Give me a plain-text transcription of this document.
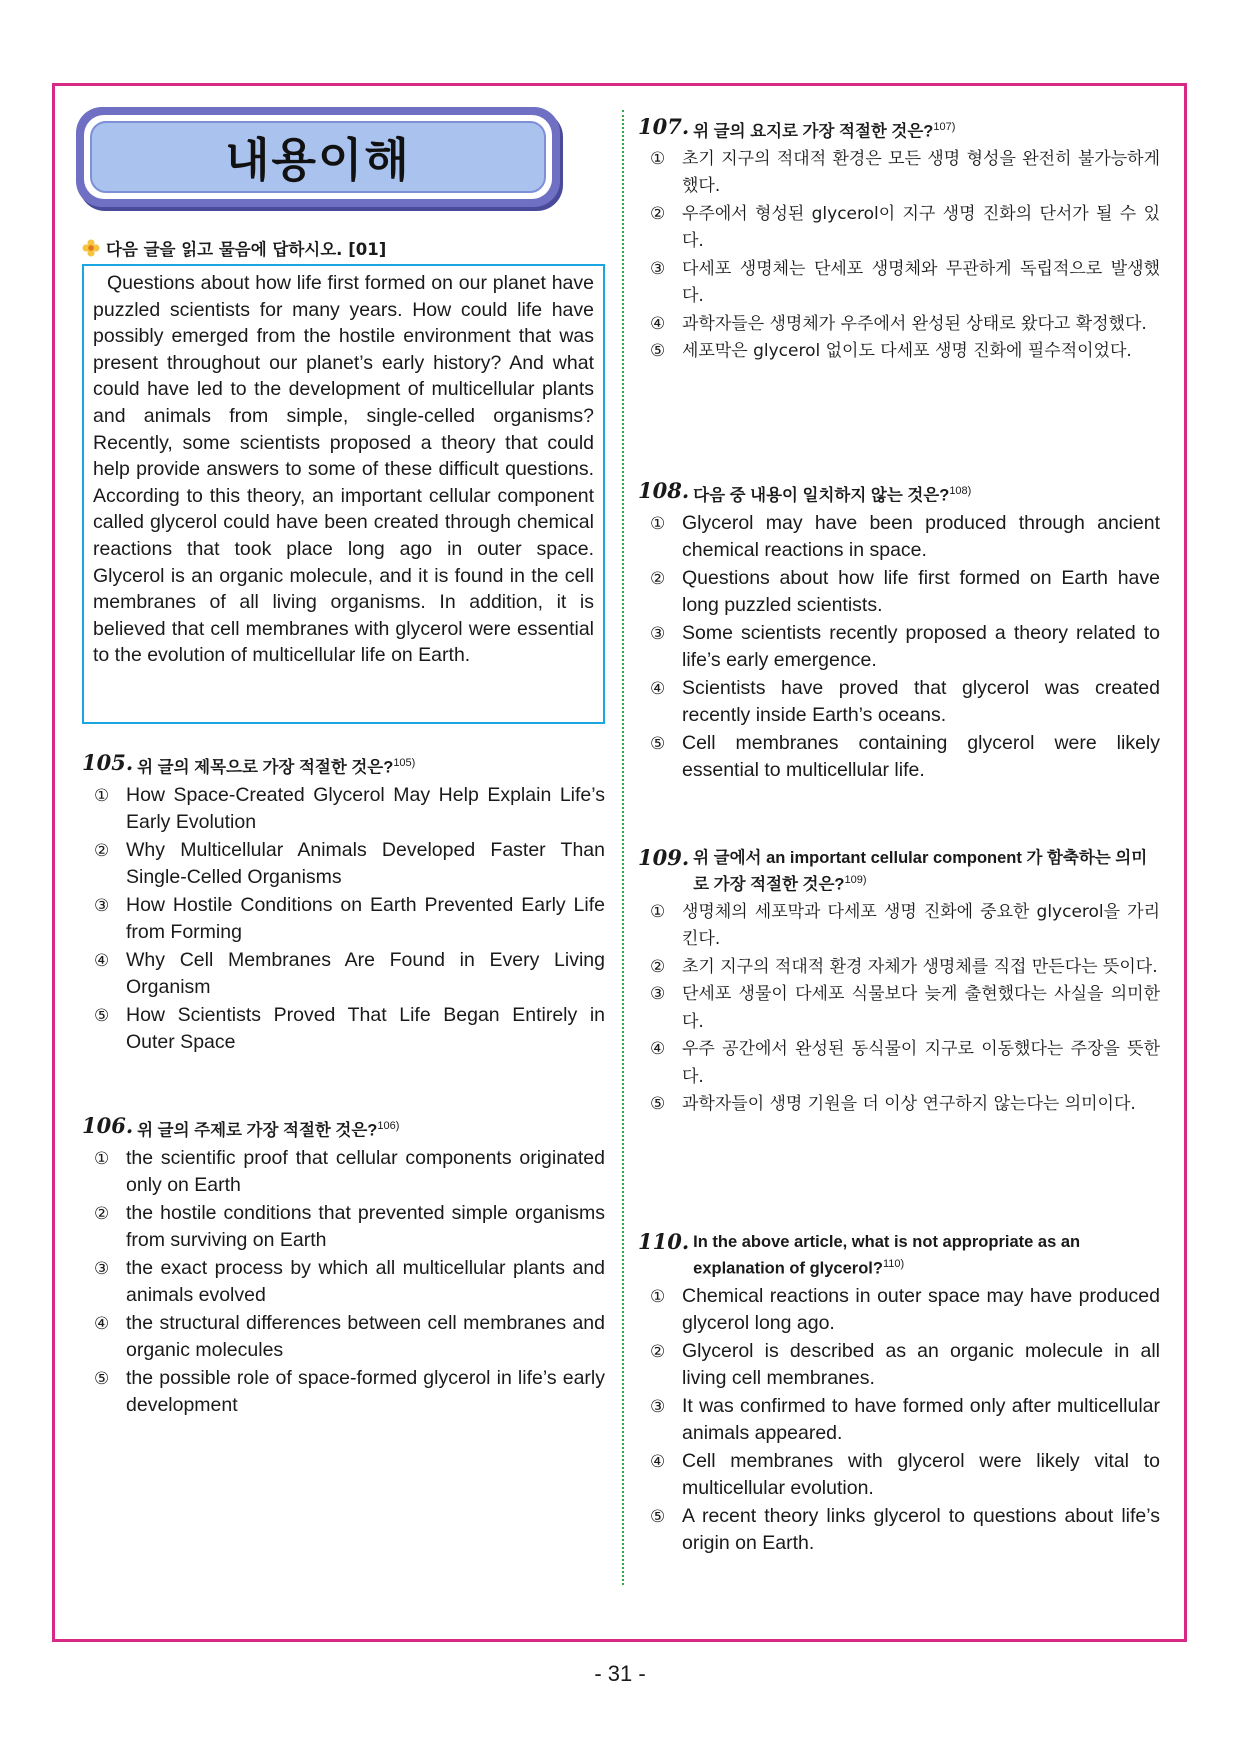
내용이해
다음 글을 읽고 물음에 답하시오. [01]

Questions about how life first formed on our planet have puzzled scientists for many years. How could life have possibly emerged from the hostile environment that was present throughout our planet’s early history? And what could have led to the development of multicellular plants and animals from simple, single-celled organisms? Recently, some scientists proposed a theory that could help provide answers to some of these difficult questions. According to this theory, an important cellular component called glycerol could have been created through chemical reactions that took place long ago in outer space. Glycerol is an organic molecule, and it is found in the cell membranes of all living organisms. In addition, it is believed that cell membranes with glycerol were essential to the evolution of multicellular life on Earth.

105. 위 글의 제목으로 가장 적절한 것은?$^{105)}$
① How Space-Created Glycerol May Help Explain Life’s Early Evolution
② Why Multicellular Animals Developed Faster Than Single-Celled Organisms
③ How Hostile Conditions on Earth Prevented Early Life from Forming
④ Why Cell Membranes Are Found in Every Living Organism
⑤ How Scientists Proved That Life Began Entirely in Outer Space
106. 위 글의 주제로 가장 적절한 것은?$^{106)}$
① the scientific proof that cellular components originated only on Earth
② the hostile conditions that prevented simple organisms from surviving on Earth
③ the exact process by which all multicellular plants and animals evolved
④ the structural differences between cell membranes and organic molecules
⑤ the possible role of space-formed glycerol in life’s early development
107. 위 글의 요지로 가장 적절한 것은?$^{107)}$
① 초기 지구의 적대적 환경은 모든 생명 형성을 완전히 불가능하게 했다.
② 우주에서 형성된 glycerol이 지구 생명 진화의 단서가 될 수 있다.
③ 다세포 생명체는 단세포 생명체와 무관하게 독립적으로 발생했다.
④ 과학자들은 생명체가 우주에서 완성된 상태로 왔다고 확정했다.
⑤ 세포막은 glycerol 없이도 다세포 생명 진화에 필수적이었다.
108. 다음 중 내용이 일치하지 않는 것은?$^{108)}$
① Glycerol may have been produced through ancient chemical reactions in space.
② Questions about how life first formed on Earth have long puzzled scientists.
③ Some scientists recently proposed a theory related to life’s early emergence.
④ Scientists have proved that glycerol was created recently inside Earth’s oceans.
⑤ Cell membranes containing glycerol were likely essential to multicellular life.
109. 위 글에서 an important cellular component 가 함축하는 의미로 가장 적절한 것은?$^{109)}$
① 생명체의 세포막과 다세포 생명 진화에 중요한 glycerol을 가리킨다.
② 초기 지구의 적대적 환경 자체가 생명체를 직접 만든다는 뜻이다.
③ 단세포 생물이 다세포 식물보다 늦게 출현했다는 사실을 의미한다.
④ 우주 공간에서 완성된 동식물이 지구로 이동했다는 주장을 뜻한다.
⑤ 과학자들이 생명 기원을 더 이상 연구하지 않는다는 의미이다.
110. In the above article, what is not appropriate as an explanation of glycerol?$^{110)}$
① Chemical reactions in outer space may have produced glycerol long ago.
② Glycerol is described as an organic molecule in all living cell membranes.
③ It was confirmed to have formed only after multicellular animals appeared.
④ Cell membranes with glycerol were likely vital to multicellular evolution.
⑤ A recent theory links glycerol to questions about life’s origin on Earth.
- 31 -
